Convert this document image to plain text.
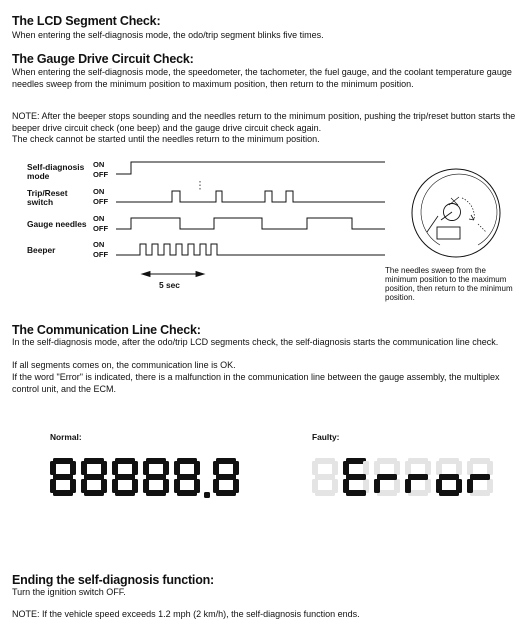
The LCD Segment Check:

When entering the self-diagnosis mode, the odo/trip segment blinks five times.

The Gauge Drive Circuit Check:

When entering the self-diagnosis mode, the speedometer, the tachometer, the fuel gauge, and the coolant temperature gauge needles sweep from the minimum position to maximum position, then return to the minimum position.

NOTE: After the beeper stops sounding and the needles return to the minimum position, pushing the trip/reset button starts the beeper drive circuit check (one beep) and the gauge drive circuit check again.

The check cannot be started until the needles return to the minimum position.

Self-diagnosis
mode
Trip/Reset
switch
Gauge needles
Beeper
ON
OFF
ON
OFF
ON
OFF
ON
OFF
5 sec
The needles sweep from the minimum position to the maximum position, then return to the minimum position.
The Communication Line Check:

In the self-diagnosis mode, after the odo/trip LCD segments check, the self-diagnosis starts the communication line check.

If all segments comes on, the communication line is OK.

If the word "Error" is indicated, there is a malfunction in the communication line between the gauge assembly, the multiplex control unit, and the ECM.

Normal:	Faulty:
Ending the self-diagnosis function:

Turn the ignition switch OFF.

NOTE: If the vehicle speed exceeds 1.2 mph (2 km/h), the self-diagnosis function ends.
